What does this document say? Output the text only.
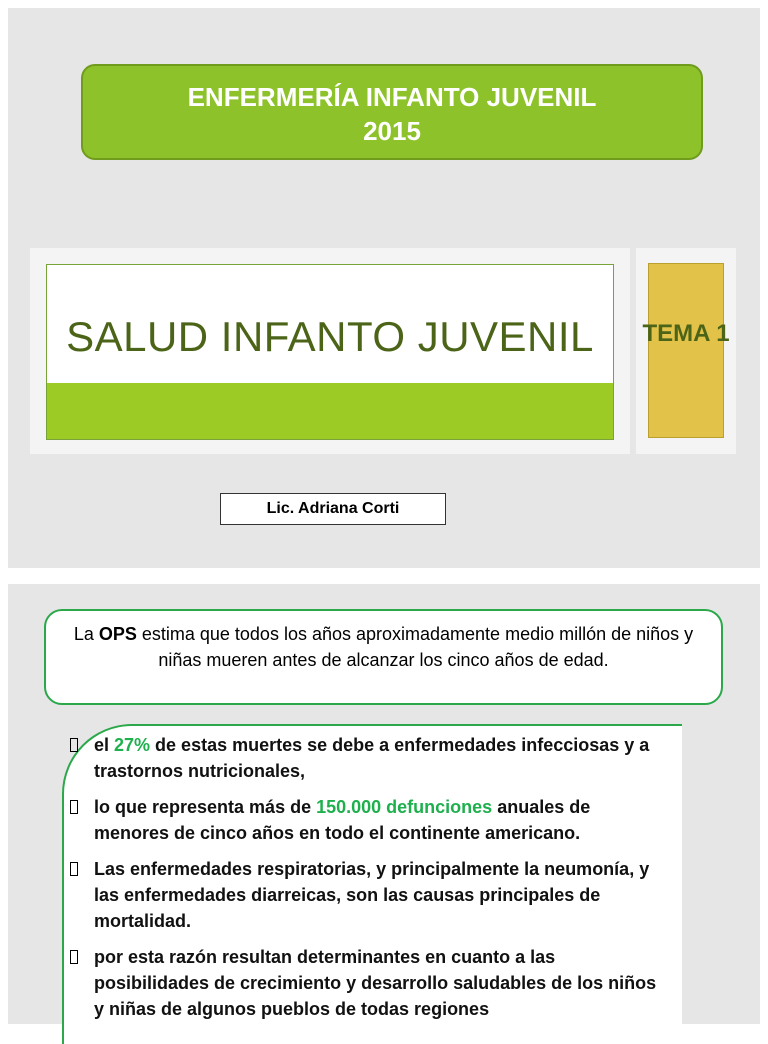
ENFERMERÍA INFANTO JUVENIL
2015
SALUD INFANTO JUVENIL	TEMA 1
Lic. Adriana Corti
La OPS estima que todos los años aproximadamente medio millón de niños y niñas mueren antes de alcanzar los cinco años de edad.
el 27% de estas muertes se debe a enfermedades infecciosas y a trastornos nutricionales,
lo que representa más de 150.000 defunciones anuales de menores de cinco años en todo el continente americano.
Las enfermedades respiratorias, y principalmente la neumonía, y las enfermedades diarreicas, son las causas principales de mortalidad.
por esta razón resultan determinantes en cuanto a las posibilidades de crecimiento y desarrollo saludables de los niños y niñas de algunos pueblos de todas regiones
